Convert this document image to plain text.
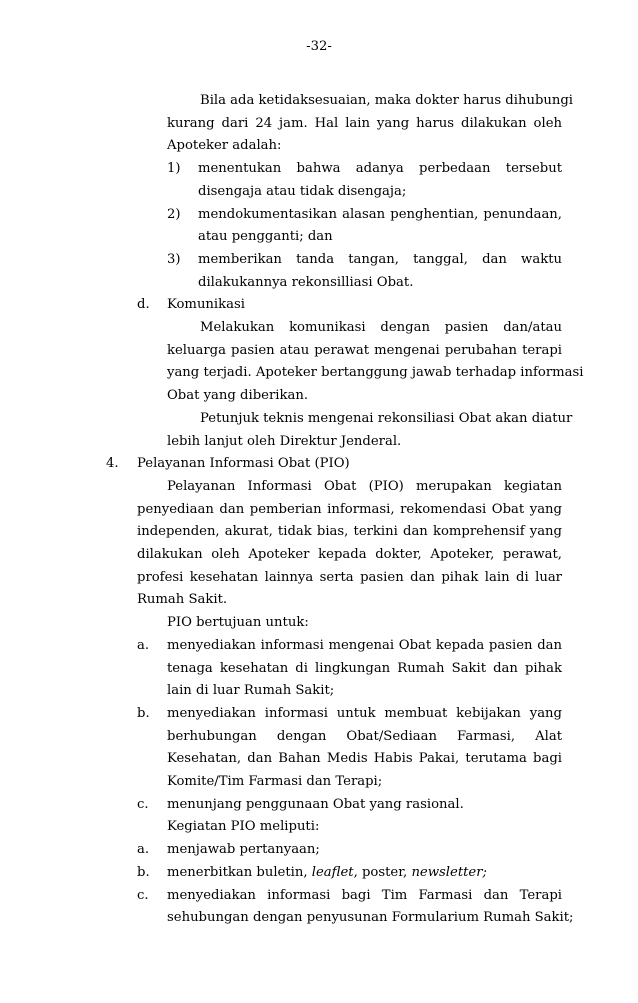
-32-
Bila ada ketidaksesuaian, maka dokter harus dihubungi
kurang dari 24 jam. Hal lain yang harus dilakukan oleh
Apoteker adalah:
1) menentukan bahwa adanya perbedaan tersebut
disengaja atau tidak disengaja;
2) mendokumentasikan alasan penghentian, penundaan,
atau pengganti; dan
3) memberikan tanda tangan, tanggal, dan waktu
dilakukannya rekonsilliasi Obat.
d. Komunikasi
Melakukan komunikasi dengan pasien dan/atau
keluarga pasien atau perawat mengenai perubahan terapi
yang terjadi. Apoteker bertanggung jawab terhadap informasi
Obat yang diberikan.
Petunjuk teknis mengenai rekonsiliasi Obat akan diatur
lebih lanjut oleh Direktur Jenderal.
4. Pelayanan Informasi Obat (PIO)
Pelayanan Informasi Obat (PIO) merupakan kegiatan
penyediaan dan pemberian informasi, rekomendasi Obat yang
independen, akurat, tidak bias, terkini dan komprehensif yang
dilakukan oleh Apoteker kepada dokter, Apoteker, perawat,
profesi kesehatan lainnya serta pasien dan pihak lain di luar
Rumah Sakit.
PIO bertujuan untuk:
a. menyediakan informasi mengenai Obat kepada pasien dan
tenaga kesehatan di lingkungan Rumah Sakit dan pihak
lain di luar Rumah Sakit;
b. menyediakan informasi untuk membuat kebijakan yang
berhubungan dengan Obat/Sediaan Farmasi, Alat
Kesehatan, dan Bahan Medis Habis Pakai, terutama bagi
Komite/Tim Farmasi dan Terapi;
c. menunjang penggunaan Obat yang rasional.
Kegiatan PIO meliputi:
a. menjawab pertanyaan;
b. menerbitkan buletin, leaflet, poster, newsletter;
c. menyediakan informasi bagi Tim Farmasi dan Terapi
sehubungan dengan penyusunan Formularium Rumah Sakit;
